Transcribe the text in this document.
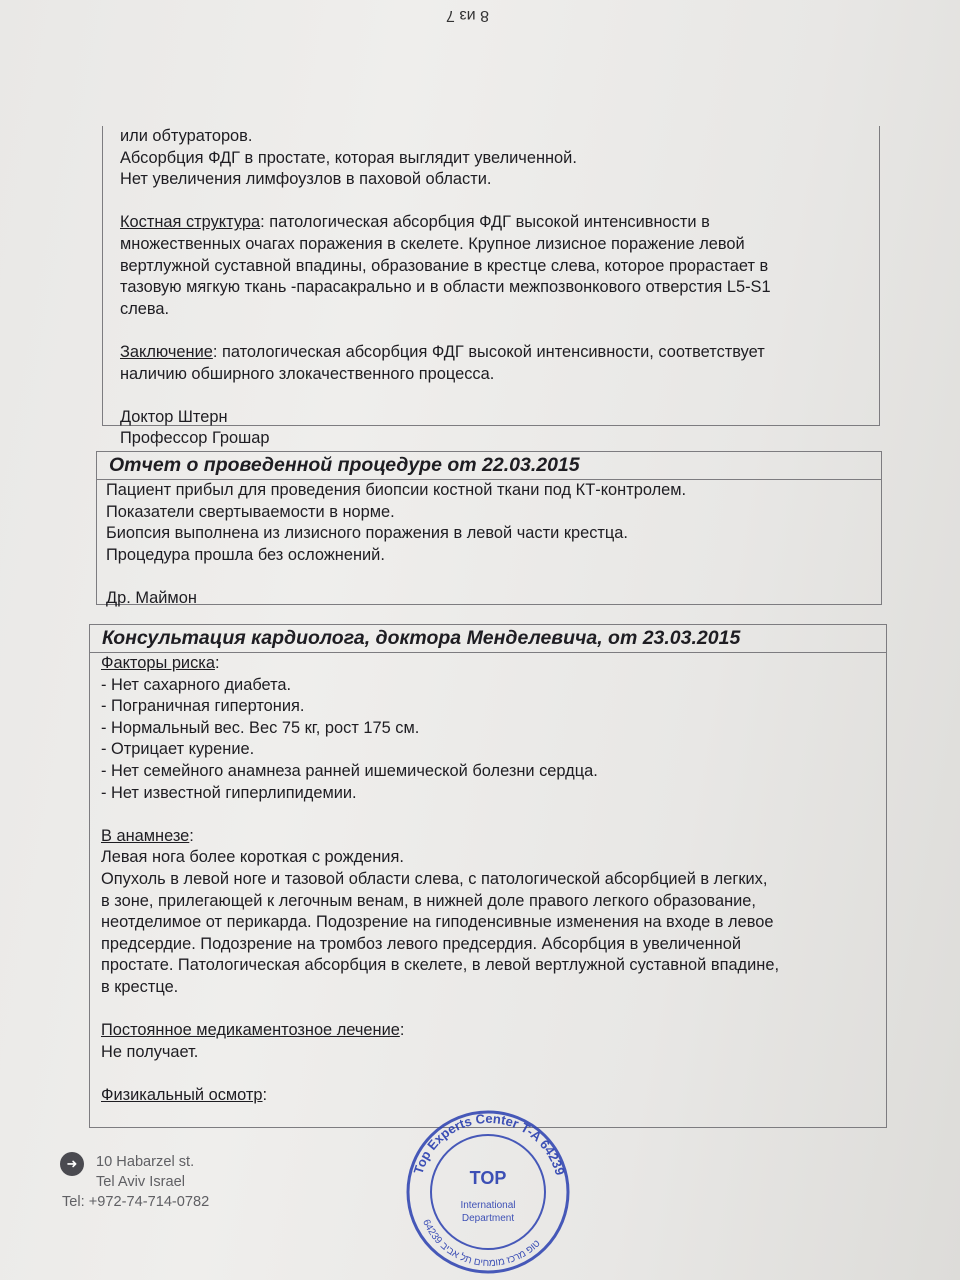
8 из 7
или обтураторов.
Абсорбция ФДГ в простате, которая выглядит увеличенной.
Нет увеличения лимфоузлов в паховой области.
Костная структура: патологическая абсорбция ФДГ высокой интенсивности в
множественных очагах поражения в скелете. Крупное лизисное поражение левой
вертлужной суставной впадины, образование в крестце слева, которое прорастает в
тазовую мягкую ткань -парасакрально и в области межпозвонкового отверстия L5-S1
слева.
Заключение: патологическая абсорбция ФДГ высокой интенсивности, соответствует
наличию обширного злокачественного процесса.
Доктор Штерн
Профессор Грошар
Отчет о проведенной процедуре от 22.03.2015
Пациент прибыл для проведения биопсии костной ткани под КТ-контролем.
Показатели свертываемости в норме.
Биопсия выполнена из лизисного поражения в левой части крестца.
Процедура прошла без осложнений.
Др. Маймон
Консультация кардиолога, доктора Менделевича, от 23.03.2015
Факторы риска:
- Нет сахарного диабета.
- Пограничная гипертония.
- Нормальный вес. Вес 75 кг, рост 175 см.
- Отрицает курение.
- Нет семейного анамнеза ранней ишемической болезни сердца.
- Нет известной гиперлипидемии.
В анамнезе:
Левая нога более короткая с рождения.
Опухоль в левой ноге и тазовой области слева, с патологической абсорбцией в легких,
в зоне, прилегающей к легочным венам, в нижней доле правого легкого образование,
неотделимое от перикарда. Подозрение на гиподенсивные изменения на входе в левое
предсердие. Подозрение на тромбоз левого предсердия. Абсорбция в увеличенной
простате. Патологическая абсорбция в скелете, в левой вертлужной суставной впадине,
в крестце.
Постоянное медикаментозное лечение:
Не получает.
Физикальный осмотр:
➜	10 Habarzel st.
Tel Aviv Israel
Tel: +972-74-714-0782
Top Experts Center T-A 64239
טופ מרכז מומחים תל אביב 64239
TOP
International
Department
